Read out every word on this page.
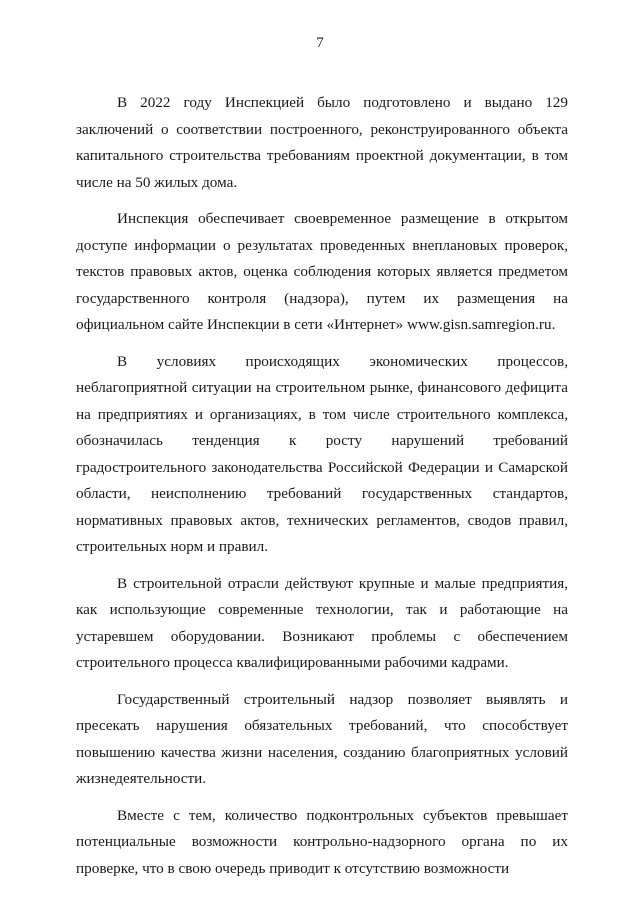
7

В 2022 году Инспекцией было подготовлено и выдано 129 заключений о соответствии построенного, реконструированного объекта капитального строительства требованиям проектной документации, в том числе на 50 жилых дома.

Инспекция обеспечивает своевременное размещение в открытом доступе информации о результатах проведенных внеплановых проверок, текстов правовых актов, оценка соблюдения которых является предметом государственного контроля (надзора), путем их размещения на официальном сайте Инспекции в сети «Интернет» www.gisn.samregion.ru.

В условиях происходящих экономических процессов, неблагоприятной ситуации на строительном рынке, финансового дефицита на предприятиях и организациях, в том числе строительного комплекса, обозначилась тенденция к росту нарушений требований градостроительного законодательства Российской Федерации и Самарской области, неисполнению требований государственных стандартов, нормативных правовых актов, технических регламентов, сводов правил, строительных норм и правил.

В строительной отрасли действуют крупные и малые предприятия, как использующие современные технологии, так и работающие на устаревшем оборудовании. Возникают проблемы с обеспечением строительного процесса квалифицированными рабочими кадрами.

Государственный строительный надзор позволяет выявлять и пресекать нарушения обязательных требований, что способствует повышению качества жизни населения, созданию благоприятных условий жизнедеятельности.

Вместе с тем, количество подконтрольных субъектов превышает потенциальные возможности контрольно-надзорного органа по их проверке, что в свою очередь приводит к отсутствию возможности
